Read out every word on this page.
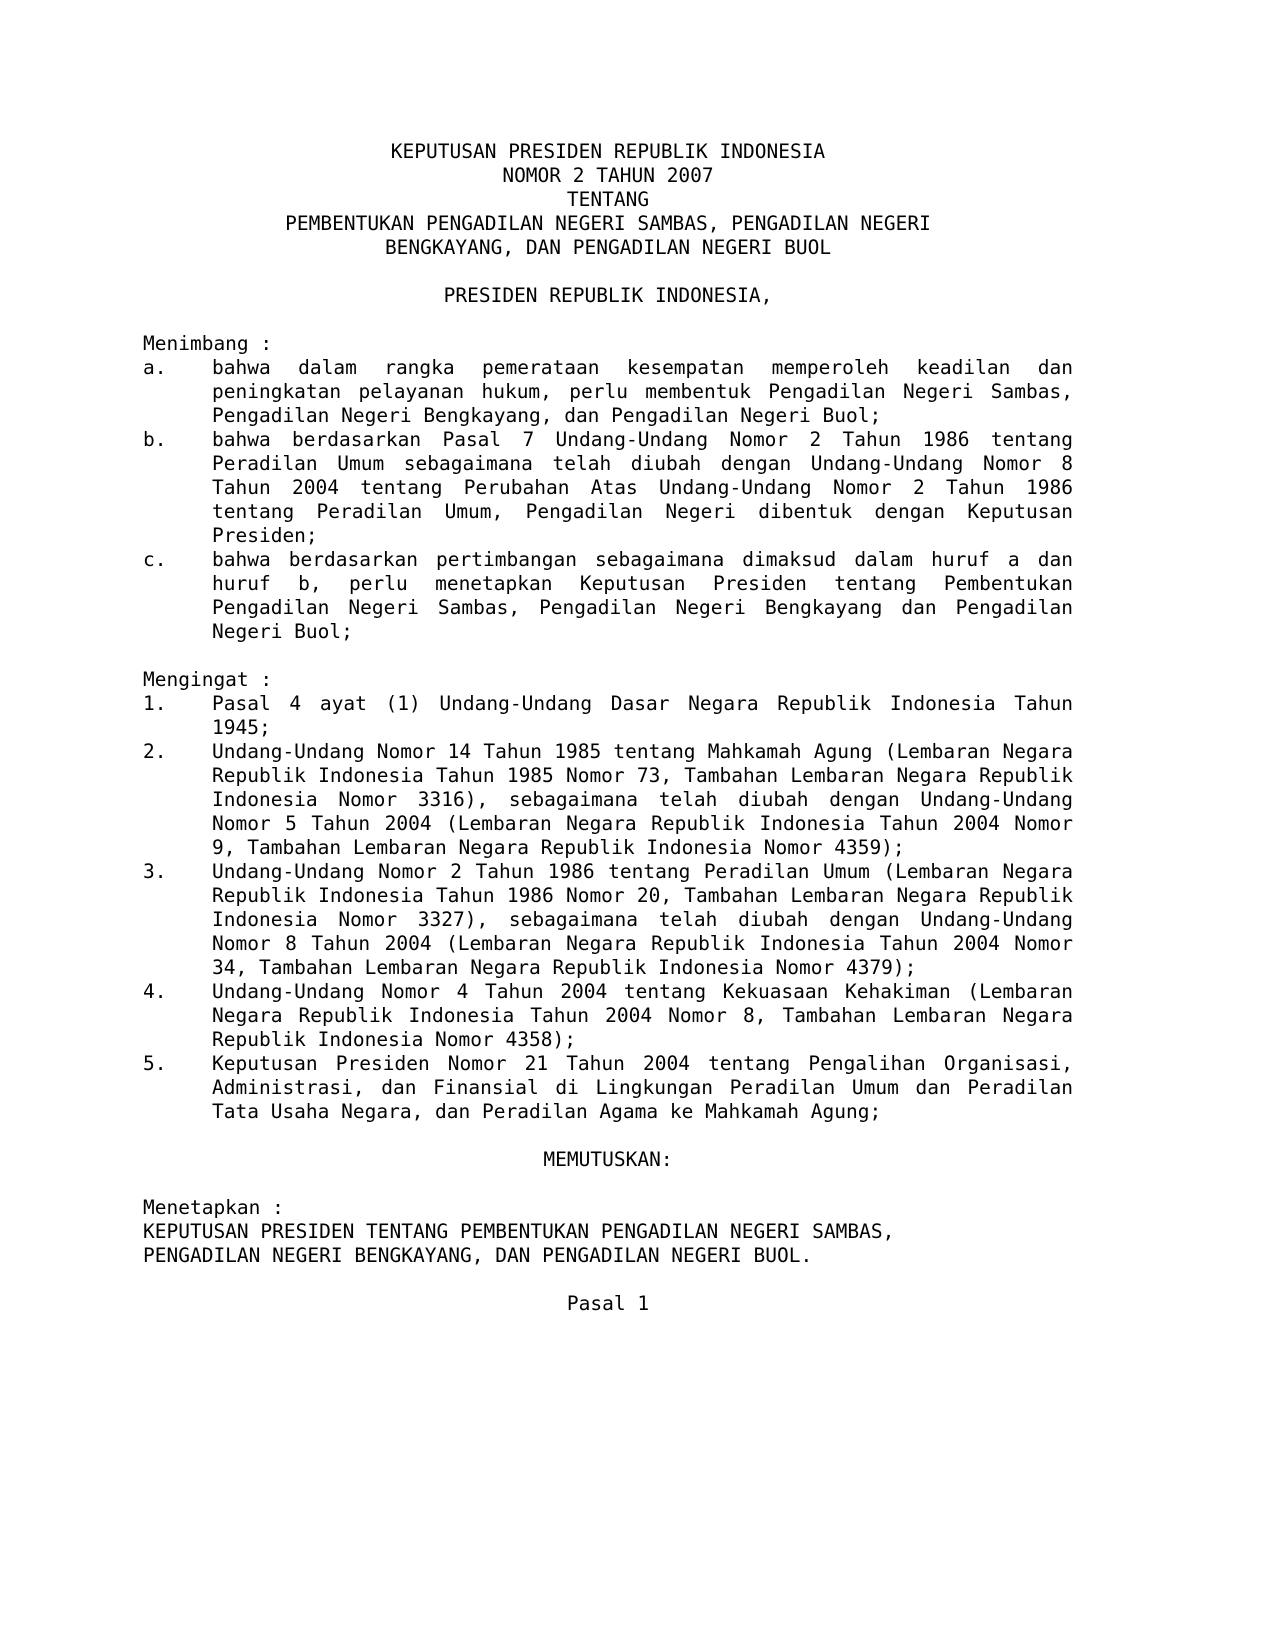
KEPUTUSAN PRESIDEN REPUBLIK INDONESIA
NOMOR 2 TAHUN 2007
TENTANG
PEMBENTUKAN PENGADILAN NEGERI SAMBAS, PENGADILAN NEGERI
BENGKAYANG, DAN PENGADILAN NEGERI BUOL
PRESIDEN REPUBLIK INDONESIA,
Menimbang :
a.	bahwa dalam rangka pemerataan kesempatan memperoleh keadilan dan peningkatan pelayanan hukum, perlu membentuk Pengadilan Negeri Sambas, Pengadilan Negeri Bengkayang, dan Pengadilan Negeri Buol;
b.	bahwa berdasarkan Pasal 7 Undang-Undang Nomor 2 Tahun 1986 tentang Peradilan Umum sebagaimana telah diubah dengan Undang-Undang Nomor 8 Tahun 2004 tentang Perubahan Atas Undang-Undang Nomor 2 Tahun 1986 tentang Peradilan Umum, Pengadilan Negeri dibentuk dengan Keputusan Presiden;
c.	bahwa berdasarkan pertimbangan sebagaimana dimaksud dalam huruf a dan huruf b, perlu menetapkan Keputusan Presiden tentang Pembentukan Pengadilan Negeri Sambas, Pengadilan Negeri Bengkayang dan Pengadilan Negeri Buol;
Mengingat :
1.	Pasal 4 ayat (1) Undang-Undang Dasar Negara Republik Indonesia Tahun 1945;
2.	Undang-Undang Nomor 14 Tahun 1985 tentang Mahkamah Agung (Lembaran Negara Republik Indonesia Tahun 1985 Nomor 73, Tambahan Lembaran Negara Republik Indonesia Nomor 3316), sebagaimana telah diubah dengan Undang-Undang Nomor 5 Tahun 2004 (Lembaran Negara Republik Indonesia Tahun 2004 Nomor 9, Tambahan Lembaran Negara Republik Indonesia Nomor 4359);
3.	Undang-Undang Nomor 2 Tahun 1986 tentang Peradilan Umum (Lembaran Negara Republik Indonesia Tahun 1986 Nomor 20, Tambahan Lembaran Negara Republik Indonesia Nomor 3327), sebagaimana telah diubah dengan Undang-Undang Nomor 8 Tahun 2004 (Lembaran Negara Republik Indonesia Tahun 2004 Nomor 34, Tambahan Lembaran Negara Republik Indonesia Nomor 4379);
4.	Undang-Undang Nomor 4 Tahun 2004 tentang Kekuasaan Kehakiman (Lembaran Negara Republik Indonesia Tahun 2004 Nomor 8, Tambahan Lembaran Negara Republik Indonesia Nomor 4358);
5.	Keputusan Presiden Nomor 21 Tahun 2004 tentang Pengalihan Organisasi, Administrasi, dan Finansial di Lingkungan Peradilan Umum dan Peradilan Tata Usaha Negara, dan Peradilan Agama ke Mahkamah Agung;
MEMUTUSKAN:
Menetapkan :
KEPUTUSAN PRESIDEN TENTANG PEMBENTUKAN PENGADILAN NEGERI SAMBAS,
PENGADILAN NEGERI BENGKAYANG, DAN PENGADILAN NEGERI BUOL.
Pasal 1
